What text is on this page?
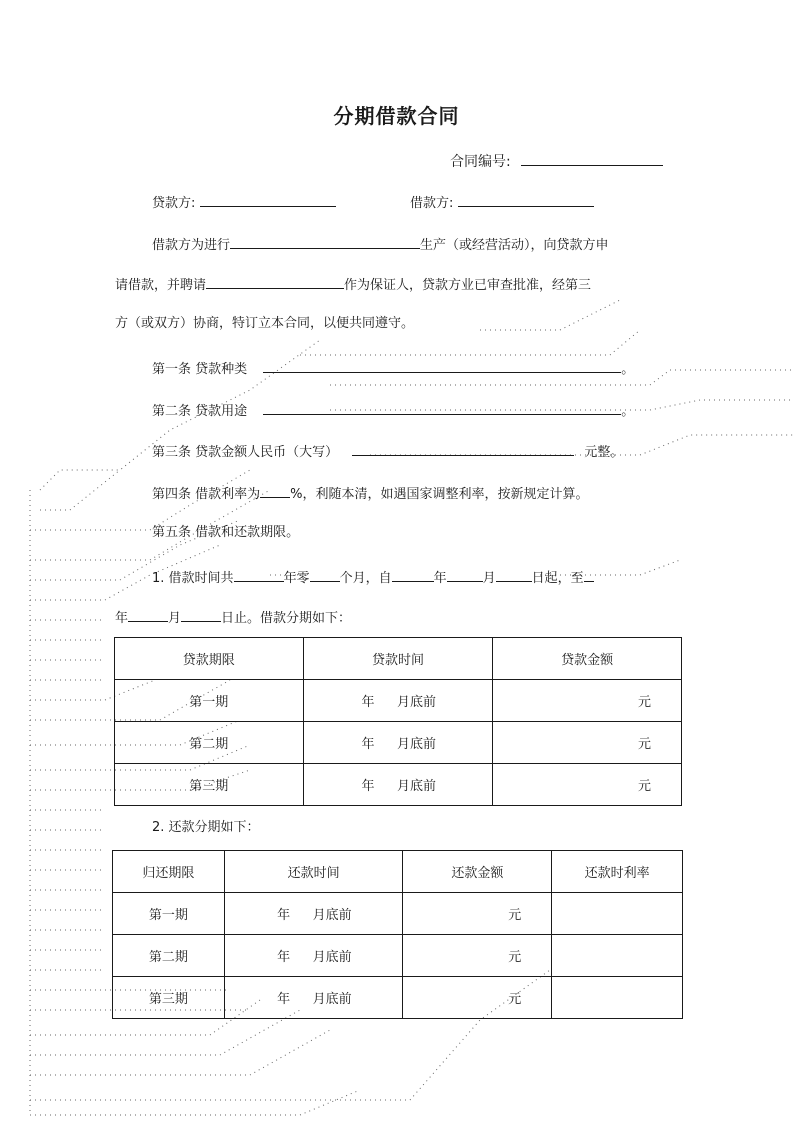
分期借款合同
合同编号:
贷款方:	借款方:
借款方为进行	生产（或经营活动），向贷款方申
请借款，并聘请	作为保证人，贷款方业已审查批准，经第三
方（或双方）协商，特订立本合同，以便共同遵守。
第一条 贷款种类	。
第二条 贷款用途	。
第三条 贷款金额人民币（大写）	元整。
第四条 借款利率为 %，利随本清，如遇国家调整利率，按新规定计算。
第五条 借款和还款期限。
1. 借款时间共	年零 个月，自	年	月	日起，至
年	月	日止。借款分期如下：
贷款期限	贷款时间	贷款金额
第一期	年 月底前	元
第二期	年 月底前	元
第三期	年 月底前	元
2. 还款分期如下：
归还期限	还款时间	还款金额	还款时利率
第一期	年 月底前	元	
第二期	年 月底前	元	
第三期	年 月底前	元	
